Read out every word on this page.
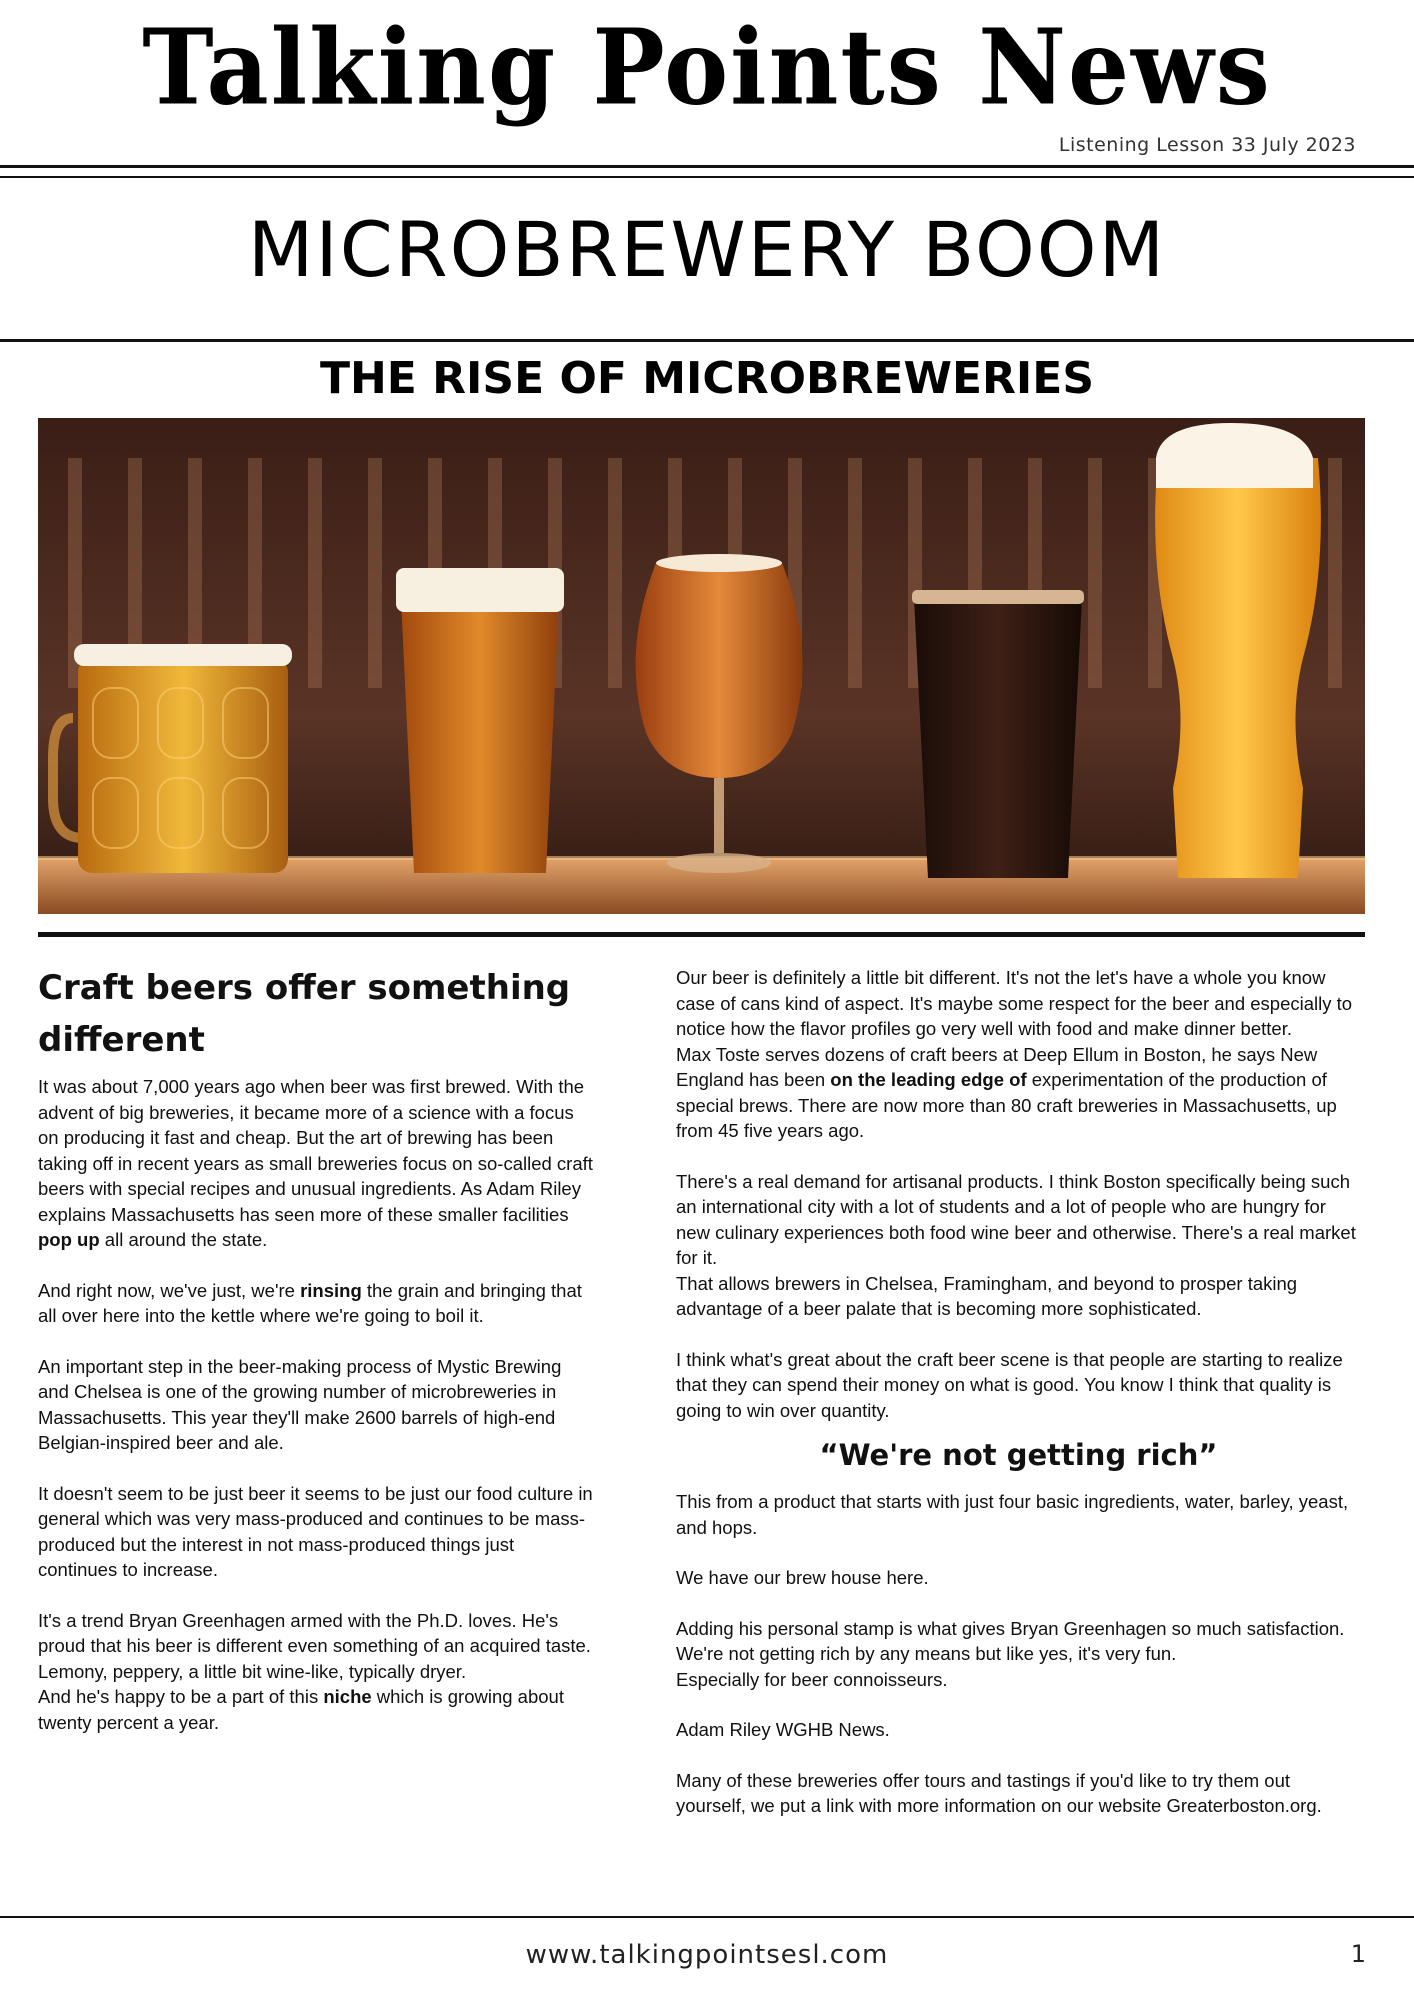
Talking Points News
Listening Lesson 33 July 2023
MICROBREWERY BOOM
THE RISE OF MICROBREWERIES
Craft beers offer something different

It was about 7,000 years ago when beer was first brewed. With the advent of big breweries, it became more of a science with a focus on producing it fast and cheap. But the art of brewing has been taking off in recent years as small breweries focus on so-called craft beers with special recipes and unusual ingredients. As Adam Riley explains Massachusetts has seen more of these smaller facilities pop up all around the state.

And right now, we've just, we're rinsing the grain and bringing that all over here into the kettle where we're going to boil it.

An important step in the beer-making process of Mystic Brewing and Chelsea is one of the growing number of microbreweries in Massachusetts. This year they'll make 2600 barrels of high-end Belgian-inspired beer and ale.

It doesn't seem to be just beer it seems to be just our food culture in general which was very mass-produced and continues to be mass-produced but the interest in not mass-produced things just continues to increase.

It's a trend Bryan Greenhagen armed with the Ph.D. loves. He's proud that his beer is different even something of an acquired taste.

Lemony, peppery, a little bit wine-like, typically dryer.

And he's happy to be a part of this niche which is growing about twenty percent a year.

Our beer is definitely a little bit different. It's not the let's have a whole you know case of cans kind of aspect. It's maybe some respect for the beer and especially to notice how the flavor profiles go very well with food and make dinner better.

Max Toste serves dozens of craft beers at Deep Ellum in Boston, he says New England has been on the leading edge of experimentation of the production of special brews. There are now more than 80 craft breweries in Massachusetts, up from 45 five years ago.

There's a real demand for artisanal products. I think Boston specifically being such an international city with a lot of students and a lot of people who are hungry for new culinary experiences both food wine beer and otherwise. There's a real market for it.

That allows brewers in Chelsea, Framingham, and beyond to prosper taking advantage of a beer palate that is becoming more sophisticated.

I think what's great about the craft beer scene is that people are starting to realize that they can spend their money on what is good. You know I think that quality is going to win over quantity.

“We're not getting rich”

This from a product that starts with just four basic ingredients, water, barley, yeast, and hops.

We have our brew house here.

Adding his personal stamp is what gives Bryan Greenhagen so much satisfaction.

We're not getting rich by any means but like yes, it's very fun.

Especially for beer connoisseurs.

Adam Riley WGHB News.

Many of these breweries offer tours and tastings if you'd like to try them out yourself, we put a link with more information on our website Greaterboston.org.

www.talkingpointsesl.com	1
